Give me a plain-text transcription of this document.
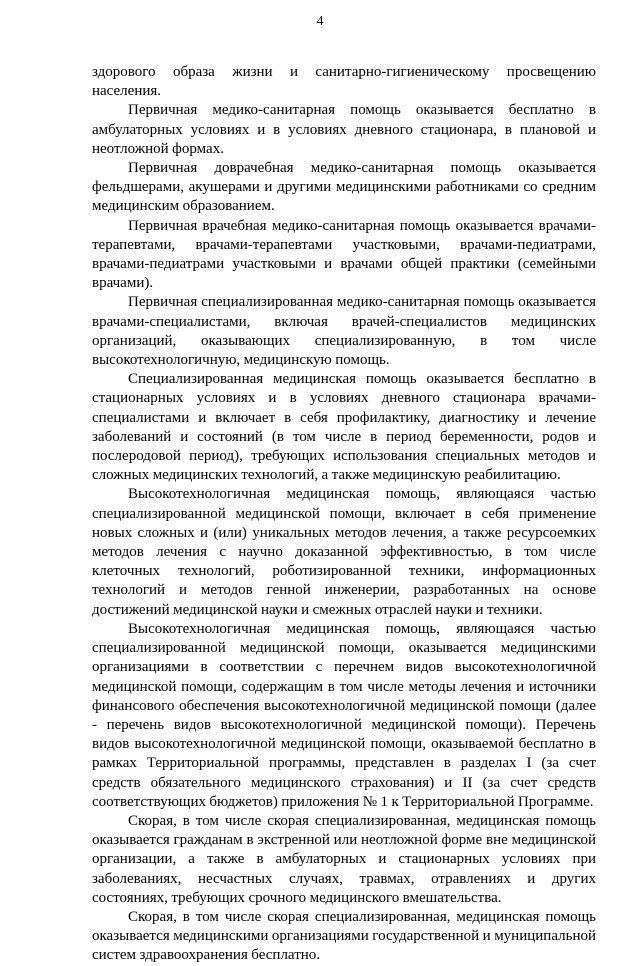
4

здорового образа жизни и санитарно-гигиеническому просвещению населения.

Первичная медико-санитарная помощь оказывается бесплатно в амбулаторных условиях и в условиях дневного стационара, в плановой и неотложной формах.

Первичная доврачебная медико-санитарная помощь оказывается фельдшерами, акушерами и другими медицинскими работниками со средним медицинским образованием.

Первичная врачебная медико-санитарная помощь оказывается врачами-терапевтами, врачами-терапевтами участковыми, врачами-педиатрами, врачами-педиатрами участковыми и врачами общей практики (семейными врачами).

Первичная специализированная медико-санитарная помощь оказывается врачами-специалистами, включая врачей-специалистов медицинских организаций, оказывающих специализированную, в том числе высокотехнологичную, медицинскую помощь.

Специализированная медицинская помощь оказывается бесплатно в стационарных условиях и в условиях дневного стационара врачами-специалистами и включает в себя профилактику, диагностику и лечение заболеваний и состояний (в том числе в период беременности, родов и послеродовой период), требующих использования специальных методов и сложных медицинских технологий, а также медицинскую реабилитацию.

Высокотехнологичная медицинская помощь, являющаяся частью специализированной медицинской помощи, включает в себя применение новых сложных и (или) уникальных методов лечения, а также ресурсоемких методов лечения с научно доказанной эффективностью, в том числе клеточных технологий, роботизированной техники, информационных технологий и методов генной инженерии, разработанных на основе достижений медицинской науки и смежных отраслей науки и техники.

Высокотехнологичная медицинская помощь, являющаяся частью специализированной медицинской помощи, оказывается медицинскими организациями в соответствии с перечнем видов высокотехнологичной медицинской помощи, содержащим в том числе методы лечения и источники финансового обеспечения высокотехнологичной медицинской помощи (далее - перечень видов высокотехнологичной медицинской помощи). Перечень видов высокотехнологичной медицинской помощи, оказываемой бесплатно в рамках Территориальной программы, представлен в разделах I (за счет средств обязательного медицинского страхования) и II (за счет средств соответствующих бюджетов) приложения № 1 к Территориальной Программе.

Скорая, в том числе скорая специализированная, медицинская помощь оказывается гражданам в экстренной или неотложной форме вне медицинской организации, а также в амбулаторных и стационарных условиях при заболеваниях, несчастных случаях, травмах, отравлениях и других состояниях, требующих срочного медицинского вмешательства.

Скорая, в том числе скорая специализированная, медицинская помощь оказывается медицинскими организациями государственной и муниципальной систем здравоохранения бесплатно.
